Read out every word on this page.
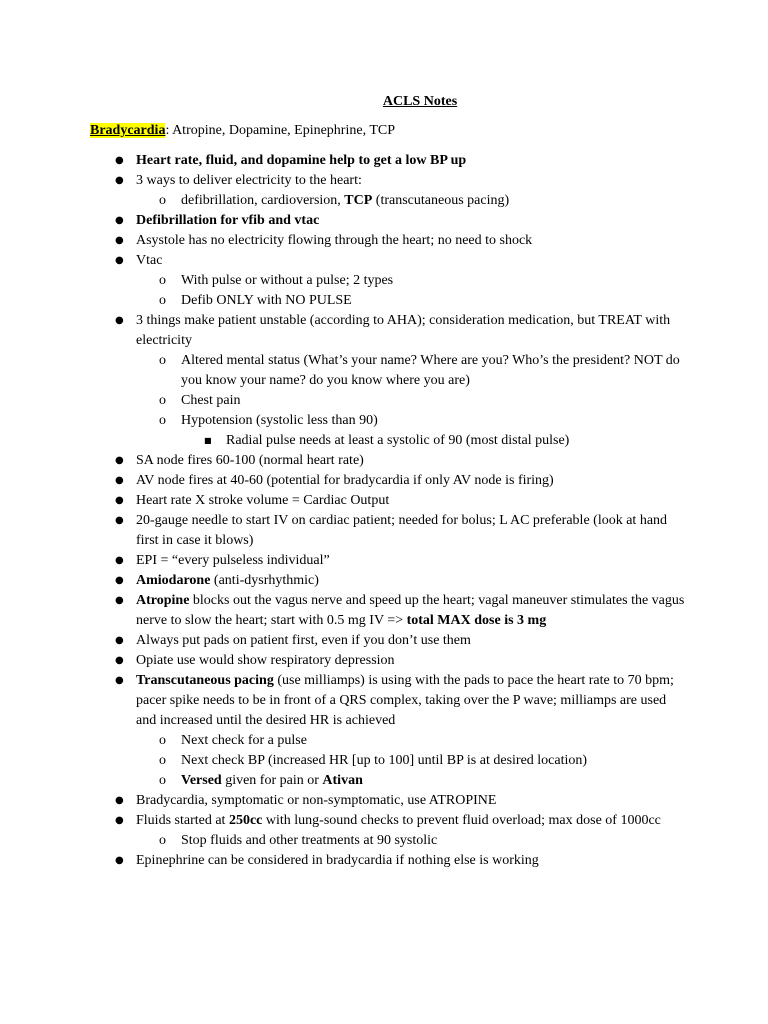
ACLS Notes
Bradycardia: Atropine, Dopamine, Epinephrine, TCP
● Heart rate, fluid, and dopamine help to get a low BP up
● 3 ways to deliver electricity to the heart:
o defibrillation, cardioversion, TCP (transcutaneous pacing)
● Defibrillation for vfib and vtac
● Asystole has no electricity flowing through the heart; no need to shock
● Vtac
o With pulse or without a pulse; 2 types
o Defib ONLY with NO PULSE
● 3 things make patient unstable (according to AHA); consideration medication, but TREAT with electricity
o Altered mental status (What’s your name? Where are you? Who’s the president? NOT do you know your name? do you know where you are)
o Chest pain
o Hypotension (systolic less than 90)
■ Radial pulse needs at least a systolic of 90 (most distal pulse)
● SA node fires 60-100 (normal heart rate)
● AV node fires at 40-60 (potential for bradycardia if only AV node is firing)
● Heart rate X stroke volume = Cardiac Output
● 20-gauge needle to start IV on cardiac patient; needed for bolus; L AC preferable (look at hand first in case it blows)
● EPI = “every pulseless individual”
● Amiodarone (anti-dysrhythmic)
● Atropine blocks out the vagus nerve and speed up the heart; vagal maneuver stimulates the vagus nerve to slow the heart; start with 0.5 mg IV => total MAX dose is 3 mg
● Always put pads on patient first, even if you don’t use them
● Opiate use would show respiratory depression
● Transcutaneous pacing (use milliamps) is using with the pads to pace the heart rate to 70 bpm; pacer spike needs to be in front of a QRS complex, taking over the P wave; milliamps are used and increased until the desired HR is achieved
o Next check for a pulse
o Next check BP (increased HR [up to 100] until BP is at desired location)
o Versed given for pain or Ativan
● Bradycardia, symptomatic or non-symptomatic, use ATROPINE
● Fluids started at 250cc with lung-sound checks to prevent fluid overload; max dose of 1000cc
o Stop fluids and other treatments at 90 systolic
● Epinephrine can be considered in bradycardia if nothing else is working
